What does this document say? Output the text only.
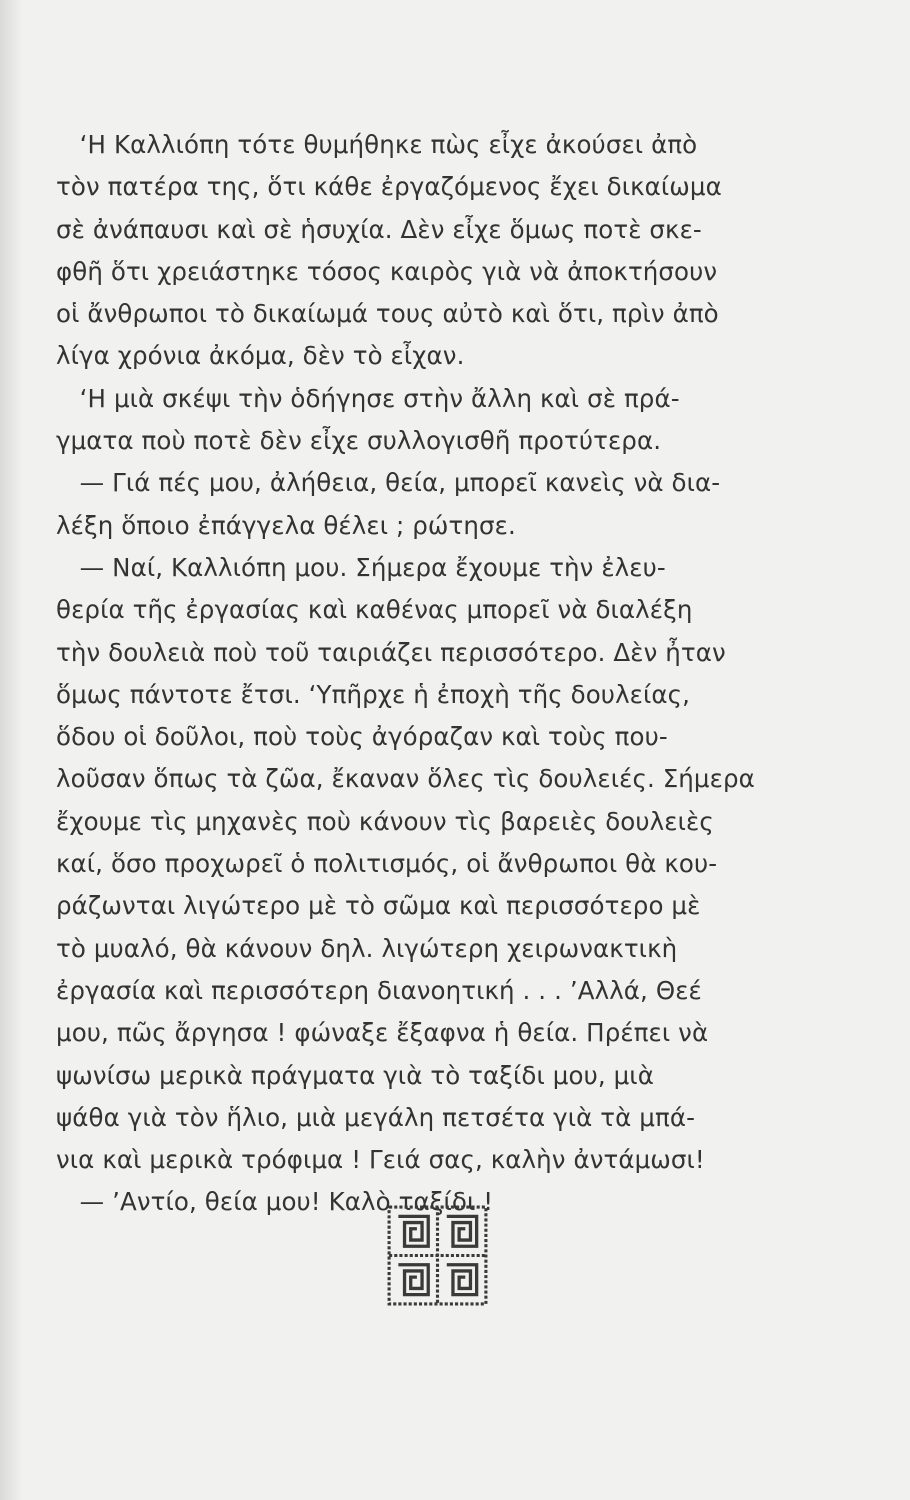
‘Η Καλλιόπη τότε θυμήθηκε πὼς εἶχε ἀκούσει ἀπὸ
τὸν πατέρα της, ὅτι κάθε ἐργαζόμενος ἔχει δικαίωμα
σὲ ἀνάπαυσι καὶ σὲ ἡσυχία. Δὲν εἶχε ὅμως ποτὲ σκε-
φθῆ ὅτι χρειάστηκε τόσος καιρὸς γιὰ νὰ ἀποκτήσουν
οἱ ἄνθρωποι τὸ δικαίωμά τους αὐτὸ καὶ ὅτι, πρὶν ἀπὸ
λίγα χρόνια ἀκόμα, δὲν τὸ εἶχαν.
‘Η μιὰ σκέψι τὴν ὁδήγησε στὴν ἄλλη καὶ σὲ πρά-
γματα ποὺ ποτὲ δὲν εἶχε συλλογισθῆ προτύτερα.
— Γιά πές μου, ἀλήθεια, θεία, μπορεῖ κανεὶς νὰ δια-
λέξη ὅποιο ἐπάγγελα θέλει ; ρώτησε.
— Ναί, Καλλιόπη μου. Σήμερα ἔχουμε τὴν ἐλευ-
θερία τῆς ἐργασίας καὶ καθένας μπορεῖ νὰ διαλέξη
τὴν δουλειὰ ποὺ τοῦ ταιριάζει περισσότερο. Δὲν ἦταν
ὅμως πάντοτε ἔτσι. ‘Υπῆρχε ἡ ἐποχὴ τῆς δουλείας,
ὅδου οἱ δοῦλοι, ποὺ τοὺς ἀγόραζαν καὶ τοὺς που-
λοῦσαν ὅπως τὰ ζῶα, ἔκαναν ὅλες τὶς δουλειές. Σήμερα
ἔχουμε τὶς μηχανὲς ποὺ κάνουν τὶς βαρειὲς δουλειὲς
καί, ὅσο προχωρεῖ ὁ πολιτισμός, οἱ ἄνθρωποι θὰ κου-
ράζωνται λιγώτερο μὲ τὸ σῶμα καὶ περισσότερο μὲ
τὸ μυαλό, θὰ κάνουν δηλ. λιγώτερη χειρωνακτικὴ
ἐργασία καὶ περισσότερη διανοητική . . . ’Αλλά, Θεέ
μου, πῶς ἄργησα ! φώναξε ἔξαφνα ἡ θεία. Πρέπει νὰ
ψωνίσω μερικὰ πράγματα γιὰ τὸ ταξίδι μου, μιὰ
ψάθα γιὰ τὸν ἥλιο, μιὰ μεγάλη πετσέτα γιὰ τὰ μπά-
νια καὶ μερικὰ τρόφιμα ! Γειά σας, καλὴν ἀντάμωσι!
— ’Αντίο, θεία μου! Καλὸ ταξίδι !
